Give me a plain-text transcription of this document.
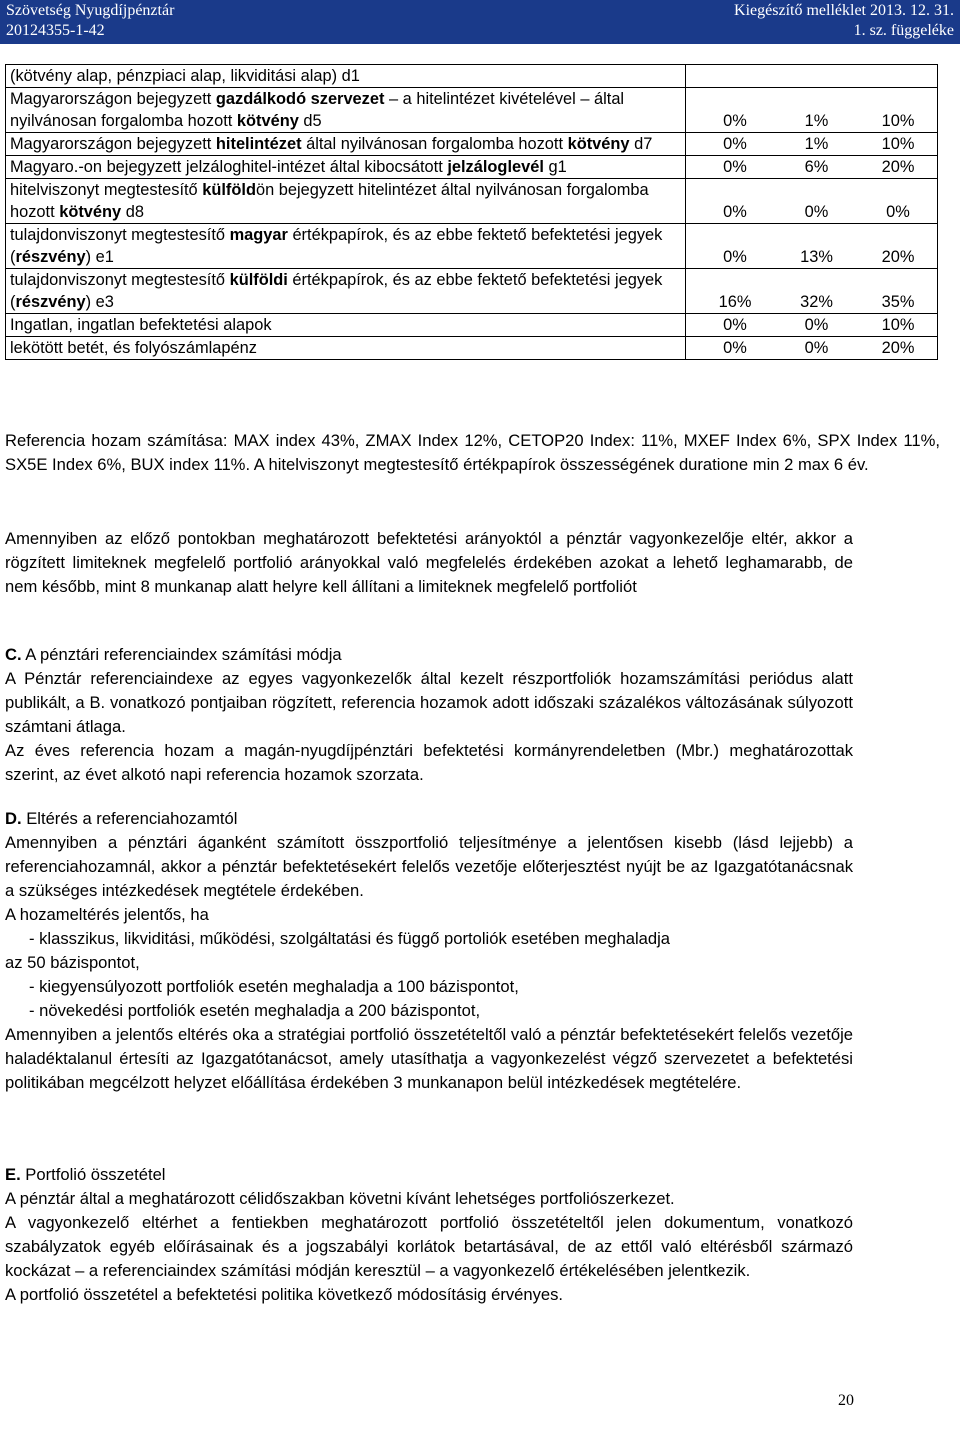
Szövetség Nyugdíjpénztár
20124355-1-42
Kiegészítő melléklet 2013. 12. 31.
1. sz. függeléke
(kötvény alap, pénzpiaci alap, likviditási alap) d1	

Magyarországon bejegyzett gazdálkodó szervezet – a hitelintézet kivételével – által nyilvánosan forgalomba hozott kötvény d5	0% 1% 10%

Magyarországon bejegyzett hitelintézet által nyilvánosan forgalomba hozott kötvény d7	0% 1% 10%

Magyaro.-on bejegyzett jelzáloghitel-intézet által kibocsátott jelzáloglevél g1	0% 6% 20%

hitelviszonyt megtestesítő külföldön bejegyzett hitelintézet által nyilvánosan forgalomba hozott kötvény d8	0% 0% 0%

tulajdonviszonyt megtestesítő magyar értékpapírok, és az ebbe fektető befektetési jegyek (részvény) e1	0% 13% 20%

tulajdonviszonyt megtestesítő külföldi értékpapírok, és az ebbe fektető befektetési jegyek (részvény) e3	16% 32% 35%

Ingatlan, ingatlan befektetési alapok	0% 0% 10%

lekötött betét, és folyószámlapénz	0% 0% 20%
Referencia hozam számítása: MAX index 43%, ZMAX Index 12%, CETOP20 Index: 11%, MXEF Index 6%, SPX Index 11%, SX5E Index 6%, BUX index 11%. A hitelviszonyt megtestesítő értékpapírok összességének duratione min 2 max 6 év.
Amennyiben az előző pontokban meghatározott befektetési arányoktól a pénztár vagyonkezelője eltér, akkor a rögzített limiteknek megfelelő portfolió arányokkal való megfelelés érdekében azokat a lehető leghamarabb, de nem később, mint 8 munkanap alatt helyre kell állítani a limiteknek megfelelő portfoliót

C. A pénztári referenciaindex számítási módja

A Pénztár referenciaindexe az egyes vagyonkezelők által kezelt részportfoliók hozamszámítási periódus alatt publikált, a B. vonatkozó pontjaiban rögzített, referencia hozamok adott időszaki százalékos változásának súlyozott számtani átlaga.

Az éves referencia hozam a magán-nyugdíjpénztári befektetési kormányrendeletben (Mbr.) meghatározottak szerint, az évet alkotó napi referencia hozamok szorzata.

D. Eltérés a referenciahozamtól

Amennyiben a pénztári áganként számított összportfolió teljesítménye a jelentősen kisebb (lásd lejjebb) a referenciahozamnál, akkor a pénztár befektetésekért felelős vezetője előterjesztést nyújt be az Igazgatótanácsnak a szükséges intézkedések megtétele érdekében.

A hozameltérés jelentős, ha

- klasszikus, likviditási, működési, szolgáltatási és függő portoliók esetében meghaladja

az 50 bázispontot,

- kiegyensúlyozott portfoliók esetén meghaladja a 100 bázispontot,

- növekedési portfoliók esetén meghaladja a 200 bázispontot,

Amennyiben a jelentős eltérés oka a stratégiai portfolió összetételtől való a pénztár befektetésekért felelős vezetője haladéktalanul értesíti az Igazgatótanácsot, amely utasíthatja a vagyonkezelést végző szervezetet a befektetési politikában megcélzott helyzet előállítása érdekében 3 munkanapon belül intézkedések megtételére.

E. Portfolió összetétel

A pénztár által a meghatározott célidőszakban követni kívánt lehetséges portfoliószerkezet.

A vagyonkezelő eltérhet a fentiekben meghatározott portfolió összetételtől jelen dokumentum, vonatkozó szabályzatok egyéb előírásainak és a jogszabályi korlátok betartásával, de az ettől való eltérésből származó kockázat – a referenciaindex számítási módján keresztül – a vagyonkezelő értékelésében jelentkezik.

A portfolió összetétel a befektetési politika következő módosításig érvényes.

20
